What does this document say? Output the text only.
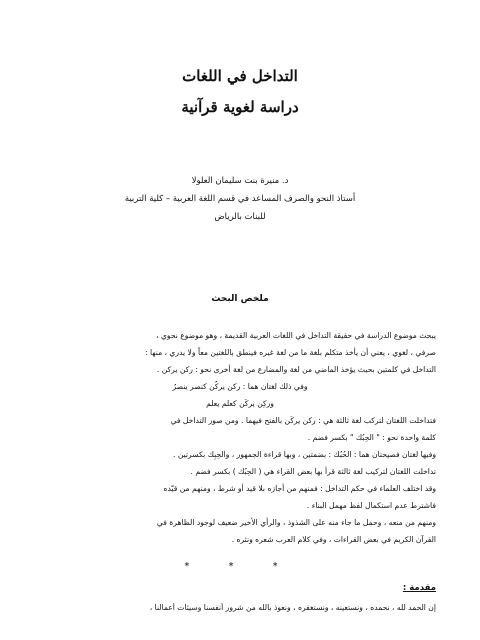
التداخل في اللغات
دراسة لغوية قرآنية
د. منيرة بنت سليمان العلولا
أستاذ النحو والصرف المساعد في قسم اللغة العربية – كلية التربية
للبنات بالرياض
ملخص البحث
يبحث موضوع الدراسة في حقيقة التداخل في اللغات العربية القديمة ، وهو موضوع نحوي ،
صرفي ، لغوي ، يعني أن يأخذ متكلم بلغة ما من لغة غيره فينطق باللغتين معاً ولا يدري ، منها :
التداخل في كلمتين بحيث يؤخذ الماضي من لغة والمضارع من لغة أخرى نحو : ركن يركن .
وفي ذلك لغتان هما : ركن يركُن كنصر ينصرُ
وركِن يركَن كعلم يعلم
فتداخلت اللغتان لتركب لغة ثالثة هي : ركن يركَن بالفتح فيهما . ومن صور التداخل في
كلمة واحدة نحو : " الحِبُك " بكسر فضم .
وفيها لغتان فصيحتان هما : الحُبُك : بضمتين ، وبها قراءة الجمهور ، والحِبِك بكسرتين .
تداخلت اللغتان لتركيب لغة ثالثة قرأ بها بعض القراء هي ( الحِبُك ) بكسر فضم .
وقد اختلف العلماء في حكم التداخل : فمنهم من أجازه بلا قيد أو شرط ، ومنهم من قيّده
فاشترط عدم استكمال لفظ مهمل البناء .
ومنهم من منعه ، وحمل ما جاء منه على الشذوذ ، والرأي الأخير ضعيف لوجود الظاهرة في
القرآن الكريم في بعض القراءات ، وفي كلام العرب شعره ونثره .
* * *
مقدمة :
إن الحمد لله ، نحمده ، ونستعينه ، ونستغفره ، ونعوذ بالله من شرور أنفسنا وسيئات أعمالنا ،
